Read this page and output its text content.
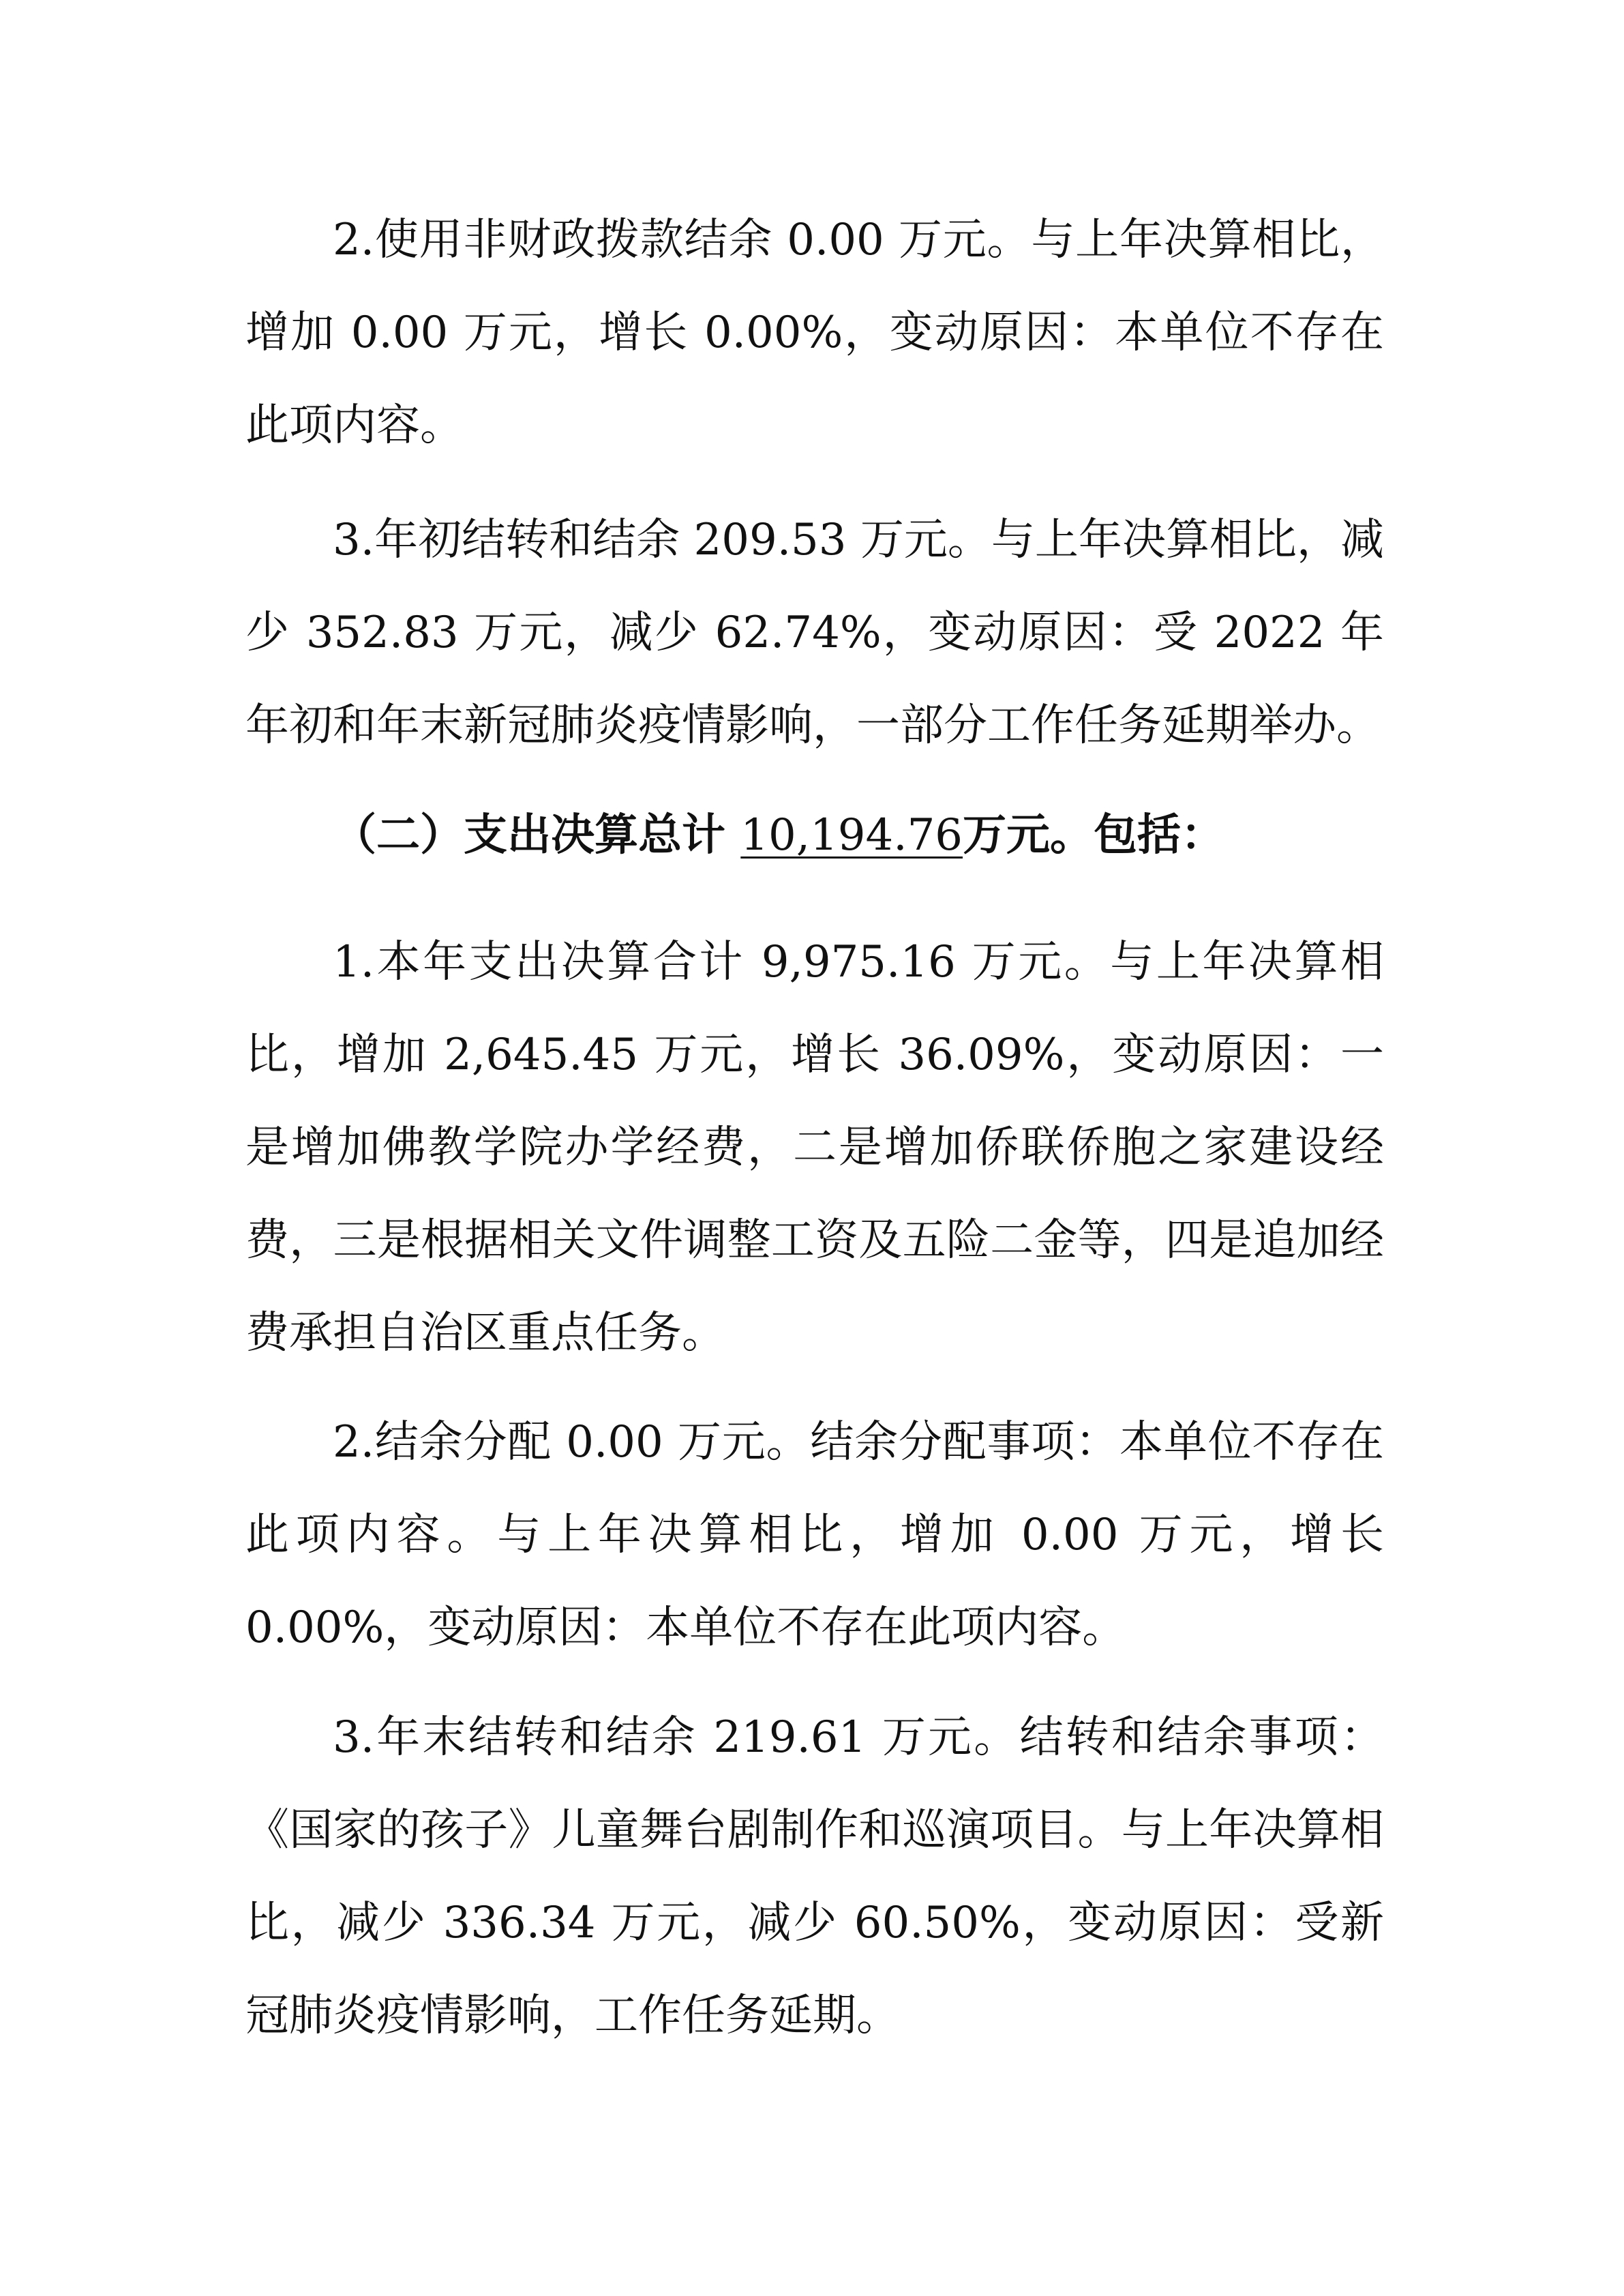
2.使用非财政拨款结余 0.00 万元。与上年决算相比，增加 0.00 万元，增长 0.00%，变动原因：本单位不存在此项内容。

3.年初结转和结余 209.53 万元。与上年决算相比，减少 352.83 万元，减少 62.74%，变动原因：受 2022 年年初和年末新冠肺炎疫情影响，一部分工作任务延期举办。

（二）支出决算总计 10,194.76万元。包括：

1.本年支出决算合计 9,975.16 万元。与上年决算相比，增加 2,645.45 万元，增长 36.09%，变动原因：一是增加佛教学院办学经费，二是增加侨联侨胞之家建设经费，三是根据相关文件调整工资及五险二金等，四是追加经费承担自治区重点任务。

2.结余分配 0.00 万元。结余分配事项：本单位不存在此项内容。与上年决算相比，增加 0.00 万元，增长 0.00%，变动原因：本单位不存在此项内容。

3.年末结转和结余 219.61 万元。结转和结余事项：《国家的孩子》儿童舞台剧制作和巡演项目。与上年决算相比，减少 336.34 万元，减少 60.50%，变动原因：受新冠肺炎疫情影响，工作任务延期。
